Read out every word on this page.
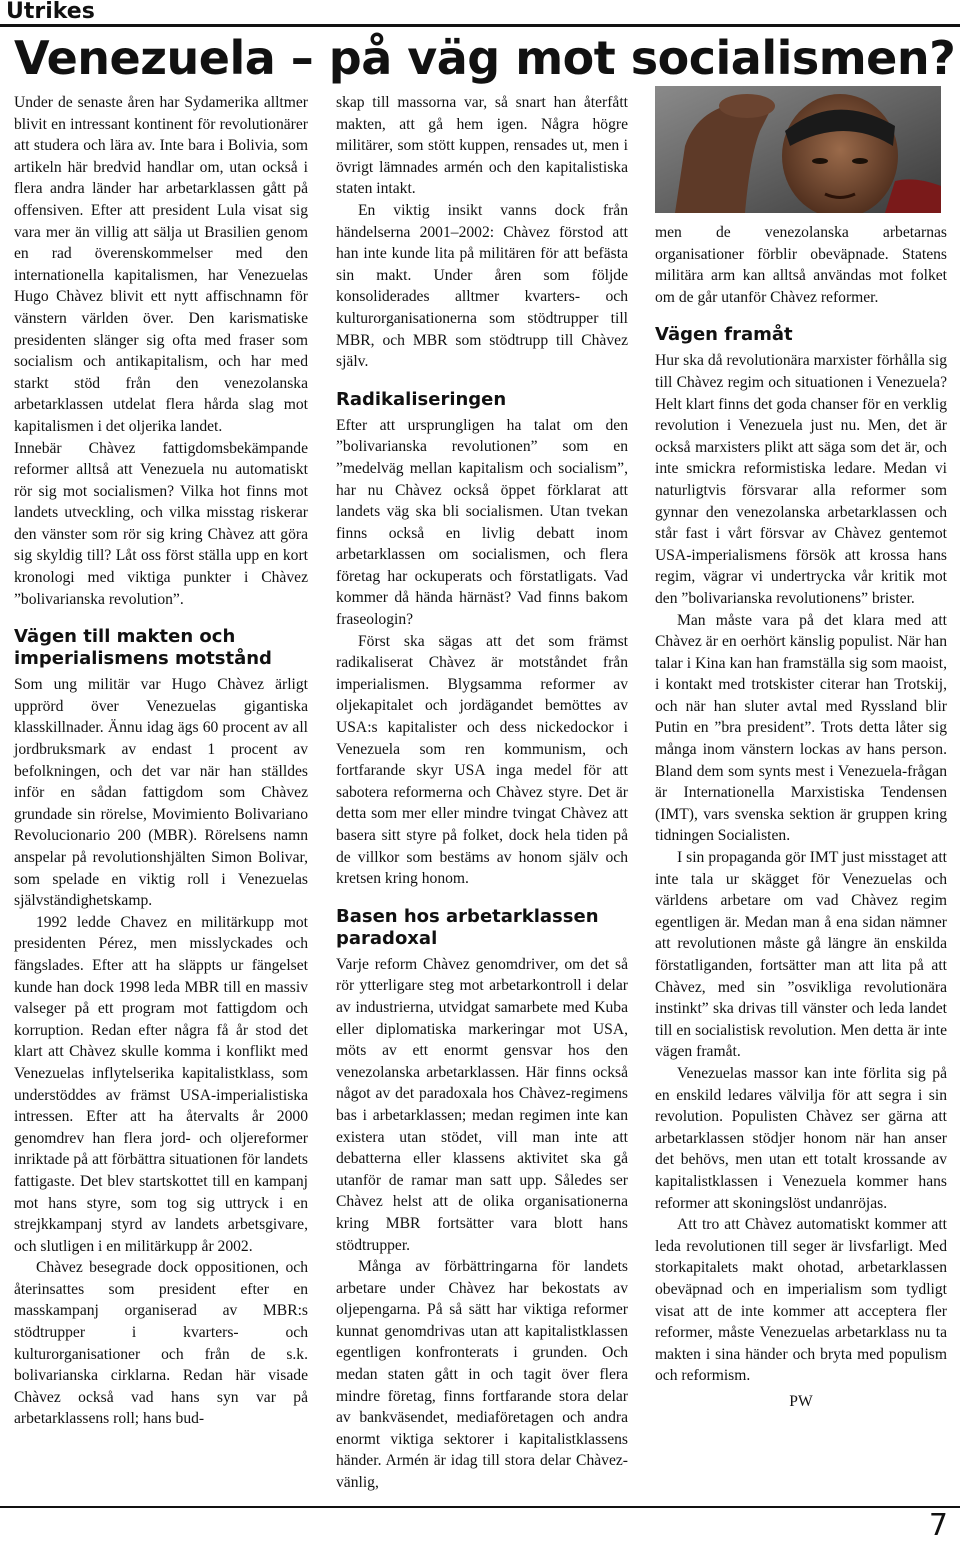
Utrikes
Venezuela – på väg mot socialismen?

Under de senaste åren har Sydamerika alltmer blivit en intressant kontinent för revolutionärer att studera och lära av. Inte bara i Bolivia, som artikeln här bredvid handlar om, utan också i flera andra länder har arbetarklassen gått på offensiven. Efter att president Lula visat sig vara mer än villig att sälja ut Brasilien genom en rad överenskommelser med den internationella kapitalismen, har Venezuelas Hugo Chàvez blivit ett nytt affischnamn för vänstern världen över. Den karismatiske presidenten slänger sig ofta med fraser som socialism och antikapitalism, och har med starkt stöd från den venezolanska arbetarklassen utdelat flera hårda slag mot kapitalismen i det oljerika landet.

Innebär Chàvez fattigdomsbekämpande reformer alltså att Venezuela nu automatiskt rör sig mot socialismen? Vilka hot finns mot landets utveckling, och vilka misstag riskerar den vänster som rör sig kring Chàvez att göra sig skyldig till? Låt oss först ställa upp en kort kronologi med viktiga punkter i Chàvez ”bolivarianska revolution”.

Vägen till makten och imperialismens motstånd

Som ung militär var Hugo Chàvez ärligt upprörd över Venezuelas gigantiska klasskillnader. Ännu idag ägs 60 procent av all jordbruksmark av endast 1 procent av befolkningen, och det var när han ställdes inför en sådan fattigdom som Chàvez grundade sin rörelse, Movimiento Bolivariano Revolucionario 200 (MBR). Rörelsens namn anspelar på revolutionshjälten Simon Bolivar, som spelade en viktig roll i Venezuelas självständighetskamp.

1992 ledde Chavez en militärkupp mot presidenten Pérez, men misslyckades och fängslades. Efter att ha släppts ur fängelset kunde han dock 1998 leda MBR till en massiv valseger på ett program mot fattigdom och korruption. Redan efter några få år stod det klart att Chàvez skulle komma i konflikt med Venezuelas inflytelserika kapitalistklass, som understöddes av främst USA-imperialistiska intressen. Efter att ha återvalts år 2000 genomdrev han flera jord- och oljereformer inriktade på att förbättra situationen för landets fattigaste. Det blev startskottet till en kampanj mot hans styre, som tog sig uttryck i en strejkkampanj styrd av landets arbetsgivare, och slutligen i en militärkupp år 2002.

Chàvez besegrade dock oppositionen, och återinsattes som president efter en masskampanj organiserad av MBR:s stödtrupper i kvarters- och kulturorganisationer och från de s.k. bolivarianska cirklarna. Redan här visade Chàvez också vad hans syn var på arbetarklassens roll; hans bud-

skap till massorna var, så snart han återfått makten, att gå hem igen. Några högre militärer, som stött kuppen, rensades ut, men i övrigt lämnades armén och den kapitalistiska staten intakt.

En viktig insikt vanns dock från händelserna 2001–2002: Chàvez förstod att han inte kunde lita på militären för att befästa sin makt. Under åren som följde konsoliderades alltmer kvarters- och kulturorganisationerna som stödtrupper till MBR, och MBR som stödtrupp till Chàvez själv.

Radikaliseringen

Efter att ursprungligen ha talat om den ”bolivarianska revolutionen” som en ”medelväg mellan kapitalism och socialism”, har nu Chàvez också öppet förklarat att landets väg ska bli socialismen. Utan tvekan finns också en livlig debatt inom arbetarklassen om socialismen, och flera företag har ockuperats och förstatligats. Vad kommer då hända härnäst? Vad finns bakom fraseologin?

Först ska sägas att det som främst radikaliserat Chàvez är motståndet från imperialismen. Blygsamma reformer av oljekapitalet och jordägandet bemöttes av USA:s kapitalister och dess nickedockor i Venezuela som ren kommunism, och fortfarande skyr USA inga medel för att sabotera reformerna och Chàvez styre. Det är detta som mer eller mindre tvingat Chàvez att basera sitt styre på folket, dock hela tiden på de villkor som bestäms av honom själv och kretsen kring honom.

Basen hos arbetarklassen paradoxal

Varje reform Chàvez genomdriver, om det så rör ytterligare steg mot arbetarkontroll i delar av industrierna, utvidgat samarbete med Kuba eller diplomatiska markeringar mot USA, möts av ett enormt gensvar hos den venezolanska arbetarklassen. Här finns också något av det paradoxala hos Chàvez-regimens bas i arbetarklassen; medan regimen inte kan existera utan stödet, vill man inte att debatterna eller klassens aktivitet ska gå utanför de ramar man satt upp. Således ser Chàvez helst att de olika organisationerna kring MBR fortsätter vara blott hans stödtrupper.

Många av förbättringarna för landets arbetare under Chàvez har bekostats av oljepengarna. På så sätt har viktiga reformer kunnat genomdrivas utan att kapitalistklassen egentligen konfronterats i grunden. Och medan staten gått in och tagit över flera mindre företag, finns fortfarande stora delar av bankväsendet, mediaföretagen och andra enormt viktiga sektorer i kapitalistklassens händer. Armén är idag till stora delar Chàvez-vänlig,

men de venezolanska arbetarnas organisationer förblir obeväpnade. Statens militära arm kan alltså användas mot folket om de går utanför Chàvez reformer.

Vägen framåt

Hur ska då revolutionära marxister förhålla sig till Chàvez regim och situationen i Venezuela? Helt klart finns det goda chanser för en verklig revolution i Venezuela just nu. Men, det är också marxisters plikt att säga som det är, och inte smickra reformistiska ledare. Medan vi naturligtvis försvarar alla reformer som gynnar den venezolanska arbetarklassen och står fast i vårt försvar av Chàvez gentemot USA-imperialismens försök att krossa hans regim, vägrar vi undertrycka vår kritik mot den ”bolivarianska revolutionens” brister.

Man måste vara på det klara med att Chàvez är en oerhört känslig populist. När han talar i Kina kan han framställa sig som maoist, i kontakt med trotskister citerar han Trotskij, och när han sluter avtal med Ryssland blir Putin en ”bra president”. Trots detta låter sig många inom vänstern lockas av hans person. Bland dem som synts mest i Venezuela-frågan är Internationella Marxistiska Tendensen (IMT), vars svenska sektion är gruppen kring tidningen Socialisten.

I sin propaganda gör IMT just misstaget att inte tala ur skägget för Venezuelas och världens arbetare om vad Chàvez regim egentligen är. Medan man å ena sidan nämner att revolutionen måste gå längre än enskilda förstatliganden, fortsätter man att lita på att Chàvez, med sin ”osvikliga revolutionära instinkt” ska drivas till vänster och leda landet till en socialistisk revolution. Men detta är inte vägen framåt.

Venezuelas massor kan inte förlita sig på en enskild ledares välvilja för att segra i sin revolution. Populisten Chàvez ser gärna att arbetarklassen stödjer honom när han anser det behövs, men utan ett totalt krossande av kapitalistklassen i Venezuela kommer hans reformer att skoningslöst undanröjas.

Att tro att Chàvez automatiskt kommer att leda revolutionen till seger är livsfarligt. Med storkapitalets makt ohotad, arbetarklassen obeväpnad och en imperialism som tydligt visat att de inte kommer att acceptera fler reformer, måste Venezuelas arbetarklass nu ta makten i sina händer och bryta med populism och reformism.

PW

7
